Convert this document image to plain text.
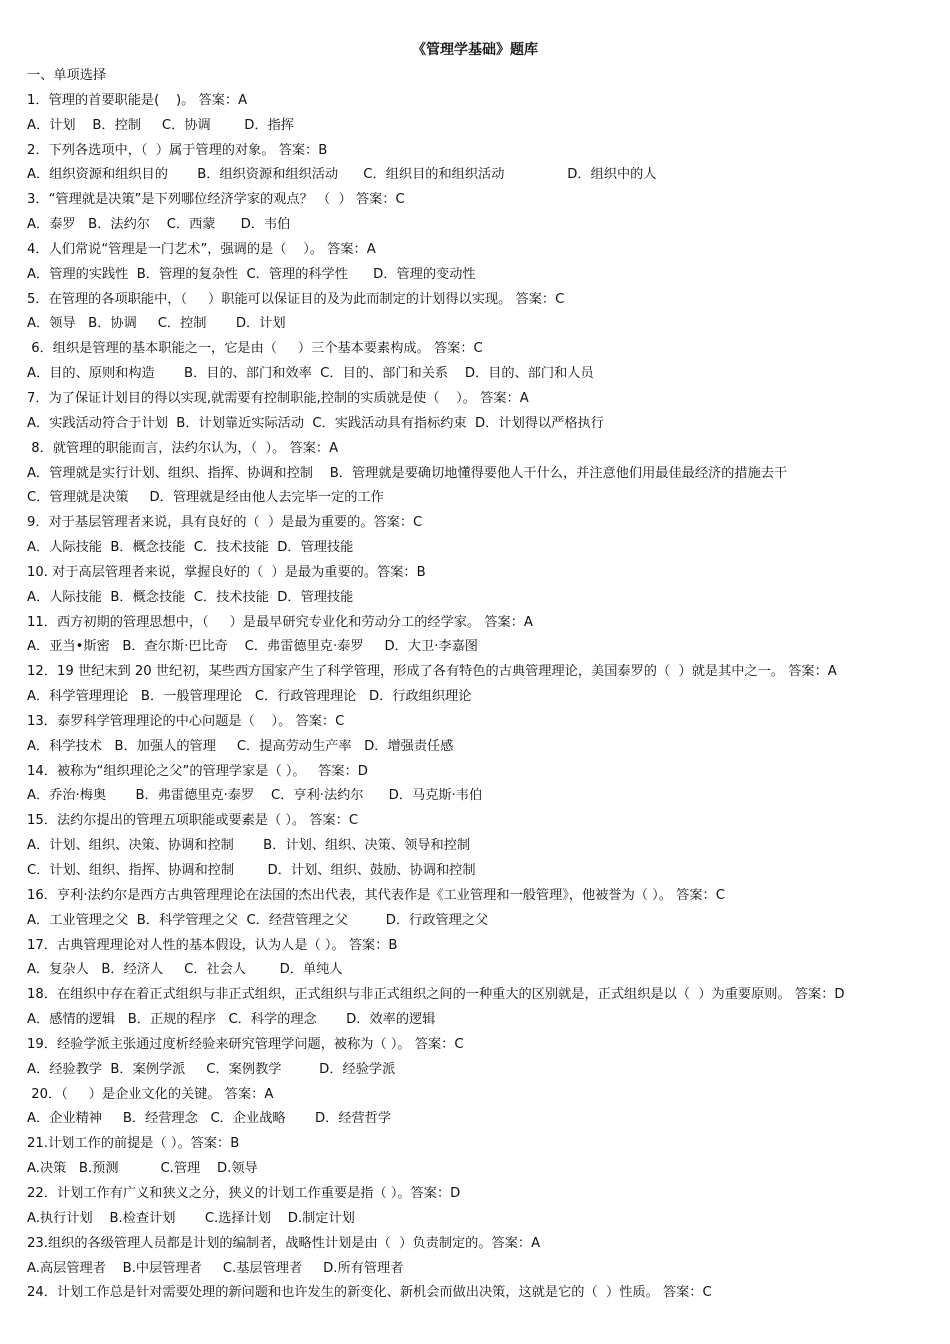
《管理学基础》题库
一、单项选择
1．管理的首要职能是(    )。 答案：A
A．计划    B．控制     C．协调        D．指挥
2．下列各选项中，（  ）属于管理的对象。 答案：B
A．组织资源和组织目的       B．组织资源和组织活动      C．组织目的和组织活动               D．组织中的人
3．“管理就是决策”是下列哪位经济学家的观点？ （  ） 答案：C
A．泰罗   B．法约尔    C．西蒙      D．韦伯
4．人们常说“管理是一门艺术”，强调的是（    ）。 答案：A
A．管理的实践性  B．管理的复杂性  C．管理的科学性      D．管理的变动性
5．在管理的各项职能中，（     ）职能可以保证目的及为此而制定的计划得以实现。 答案：C
A．领导   B．协调     C．控制       D．计划
6．组织是管理的基本职能之一，它是由（     ）三个基本要素构成。 答案：C
A．目的、原则和构造       B．目的、部门和效率  C．目的、部门和关系    D．目的、部门和人员
7．为了保证计划目的得以实现,就需要有控制职能,控制的实质就是使（    ）。 答案：A
A．实践活动符合于计划  B．计划靠近实际活动  C．实践活动具有指标约束  D．计划得以严格执行
8．就管理的职能而言，法约尔认为，（  ）。 答案：A
A．管理就是实行计划、组织、指挥、协调和控制    B．管理就是要确切地懂得要他人干什么，并注意他们用最佳最经济的措施去干
C．管理就是决策     D．管理就是经由他人去完毕一定的工作
9．对于基层管理者来说，具有良好的（  ）是最为重要的。答案：C
A．人际技能  B．概念技能  C．技术技能  D．管理技能
10. 对于高层管理者来说，掌握良好的（  ）是最为重要的。答案：B
A．人际技能  B．概念技能  C．技术技能  D．管理技能
11．西方初期的管理思想中，（     ）是最早研究专业化和劳动分工的经学家。 答案：A
A．亚当•斯密   B．查尔斯·巴比奇    C．弗雷德里克·泰罗     D．大卫·李嘉图
12．19 世纪末到 20 世纪初，某些西方国家产生了科学管理，形成了各有特色的古典管理理论，美国泰罗的（  ）就是其中之一。 答案：A
A．科学管理理论   B．一般管理理论   C．行政管理理论   D．行政组织理论
13．泰罗科学管理理论的中心问题是（    ）。 答案：C
A．科学技术   B．加强人的管理     C．提高劳动生产率   D．增强责任感
14．被称为“组织理论之父”的管理学家是（ ）。   答案：D
A．乔治·梅奥       B．弗雷德里克·泰罗    C．亨利·法约尔      D．马克斯·韦伯
15．法约尔提出的管理五项职能或要素是（ ）。 答案：C
A．计划、组织、决策、协调和控制       B．计划、组织、决策、领导和控制
C．计划、组织、指挥、协调和控制        D．计划、组织、鼓励、协调和控制
16．亨利·法约尔是西方古典管理理论在法国的杰出代表，其代表作是《工业管理和一般管理》，他被誉为（ ）。 答案：C
A．工业管理之父  B．科学管理之父  C．经营管理之父         D．行政管理之父
17．古典管理理论对人性的基本假设，认为人是（ ）。 答案：B
A．复杂人   B．经济人     C．社会人        D．单纯人
18．在组织中存在着正式组织与非正式组织，正式组织与非正式组织之间的一种重大的区别就是，正式组织是以（  ）为重要原则。 答案：D
A．感情的逻辑   B．正规的程序   C．科学的理念       D．效率的逻辑
19．经验学派主张通过度析经验来研究管理学问题，被称为（ ）。 答案：C
A．经验教学  B．案例学派     C．案例教学         D．经验学派
20．（     ）是企业文化的关键。 答案：A
A．企业精神     B．经营理念   C．企业战略       D．经营哲学
21.计划工作的前提是（ ）。答案：B
A.决策   B.预测          C.管理    D.领导
22．计划工作有广义和狭义之分，狭义的计划工作重要是指（ ）。答案：D
A.执行计划    B.检查计划       C.选择计划    D.制定计划
23.组织的各级管理人员都是计划的编制者，战略性计划是由（  ）负责制定的。答案：A
A.高层管理者    B.中层管理者     C.基层管理者     D.所有管理者
24．计划工作总是针对需要处理的新问题和也许发生的新变化、新机会而做出决策，这就是它的（  ）性质。 答案：C
